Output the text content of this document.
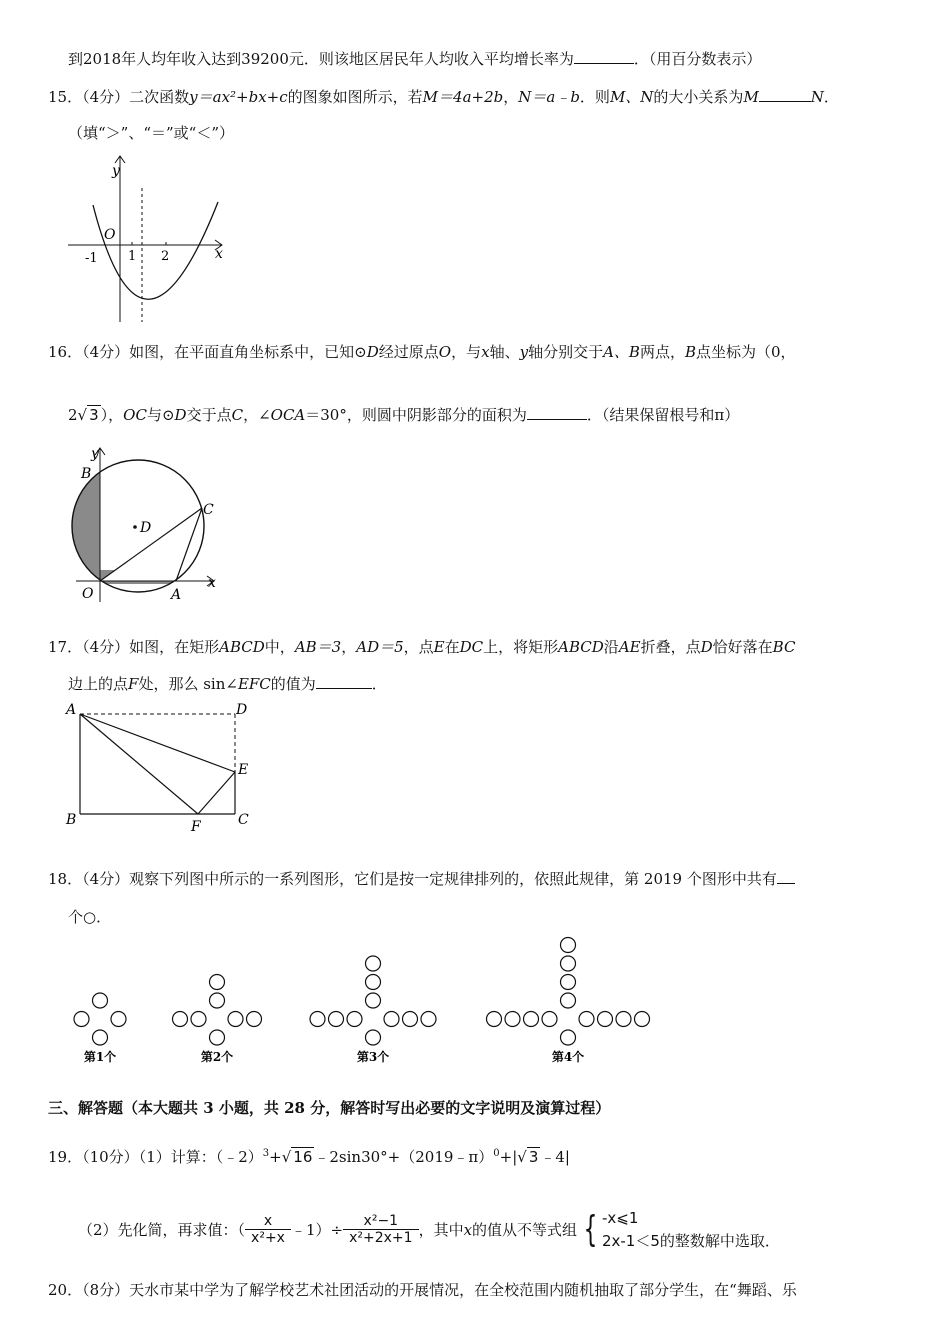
到2018年人均年收入达到39200元．则该地区居民年人均收入平均增长率为	．（用百分数表示）
15．（4分）二次函数y＝ax²+bx+c的图象如图所示，若M＝4a+2b，N＝a﹣b．则M、N的大小关系为M	N．
（填“＞”、“＝”或“＜”）
y
x
O
-1 1 2
16．（4分）如图，在平面直角坐标系中，已知⊙D经过原点O，与x轴、y轴分别交于A、B两点，B点坐标为（0，
2√ 3 ），OC与⊙D交于点C，∠OCA＝30°，则圆中阴影部分的面积为	．（结果保留根号和π）
y
x
B
C
D
O	A
17．（4分）如图，在矩形ABCD中，AB＝3，AD＝5，点E在DC上，将矩形ABCD沿AE折叠，点D恰好落在BC
边上的点F处，那么 sin∠EFC的值为	．
A	D
E
B	F	C
18．（4分）观察下列图中所示的一系列图形，它们是按一定规律排列的，依照此规律，第 2019 个图形中共有
个○．
第1个	第2个	第3个	第4个
三、解答题（本大题共 3 小题，共 28 分，解答时写出必要的文字说明及演算过程）
19．（10分）（1）计算：（﹣2）$^3$+√ 16 ﹣2sin30°+（2019﹣π）$^0$+|√ 3 ﹣4|
（2）先化简，再求值：（ $\frac{x}{\text{x²+x}}$ ﹣1）÷ $\frac{\text{x²−1}}{\text{x²+2x+1}}$ ，其中 x 的值从不等式组 { -x⩽1
2x-1＜5 的整数解中选取．
20．（8分）天水市某中学为了解学校艺术社团活动的开展情况，在全校范围内随机抽取了部分学生，在“舞蹈、乐
